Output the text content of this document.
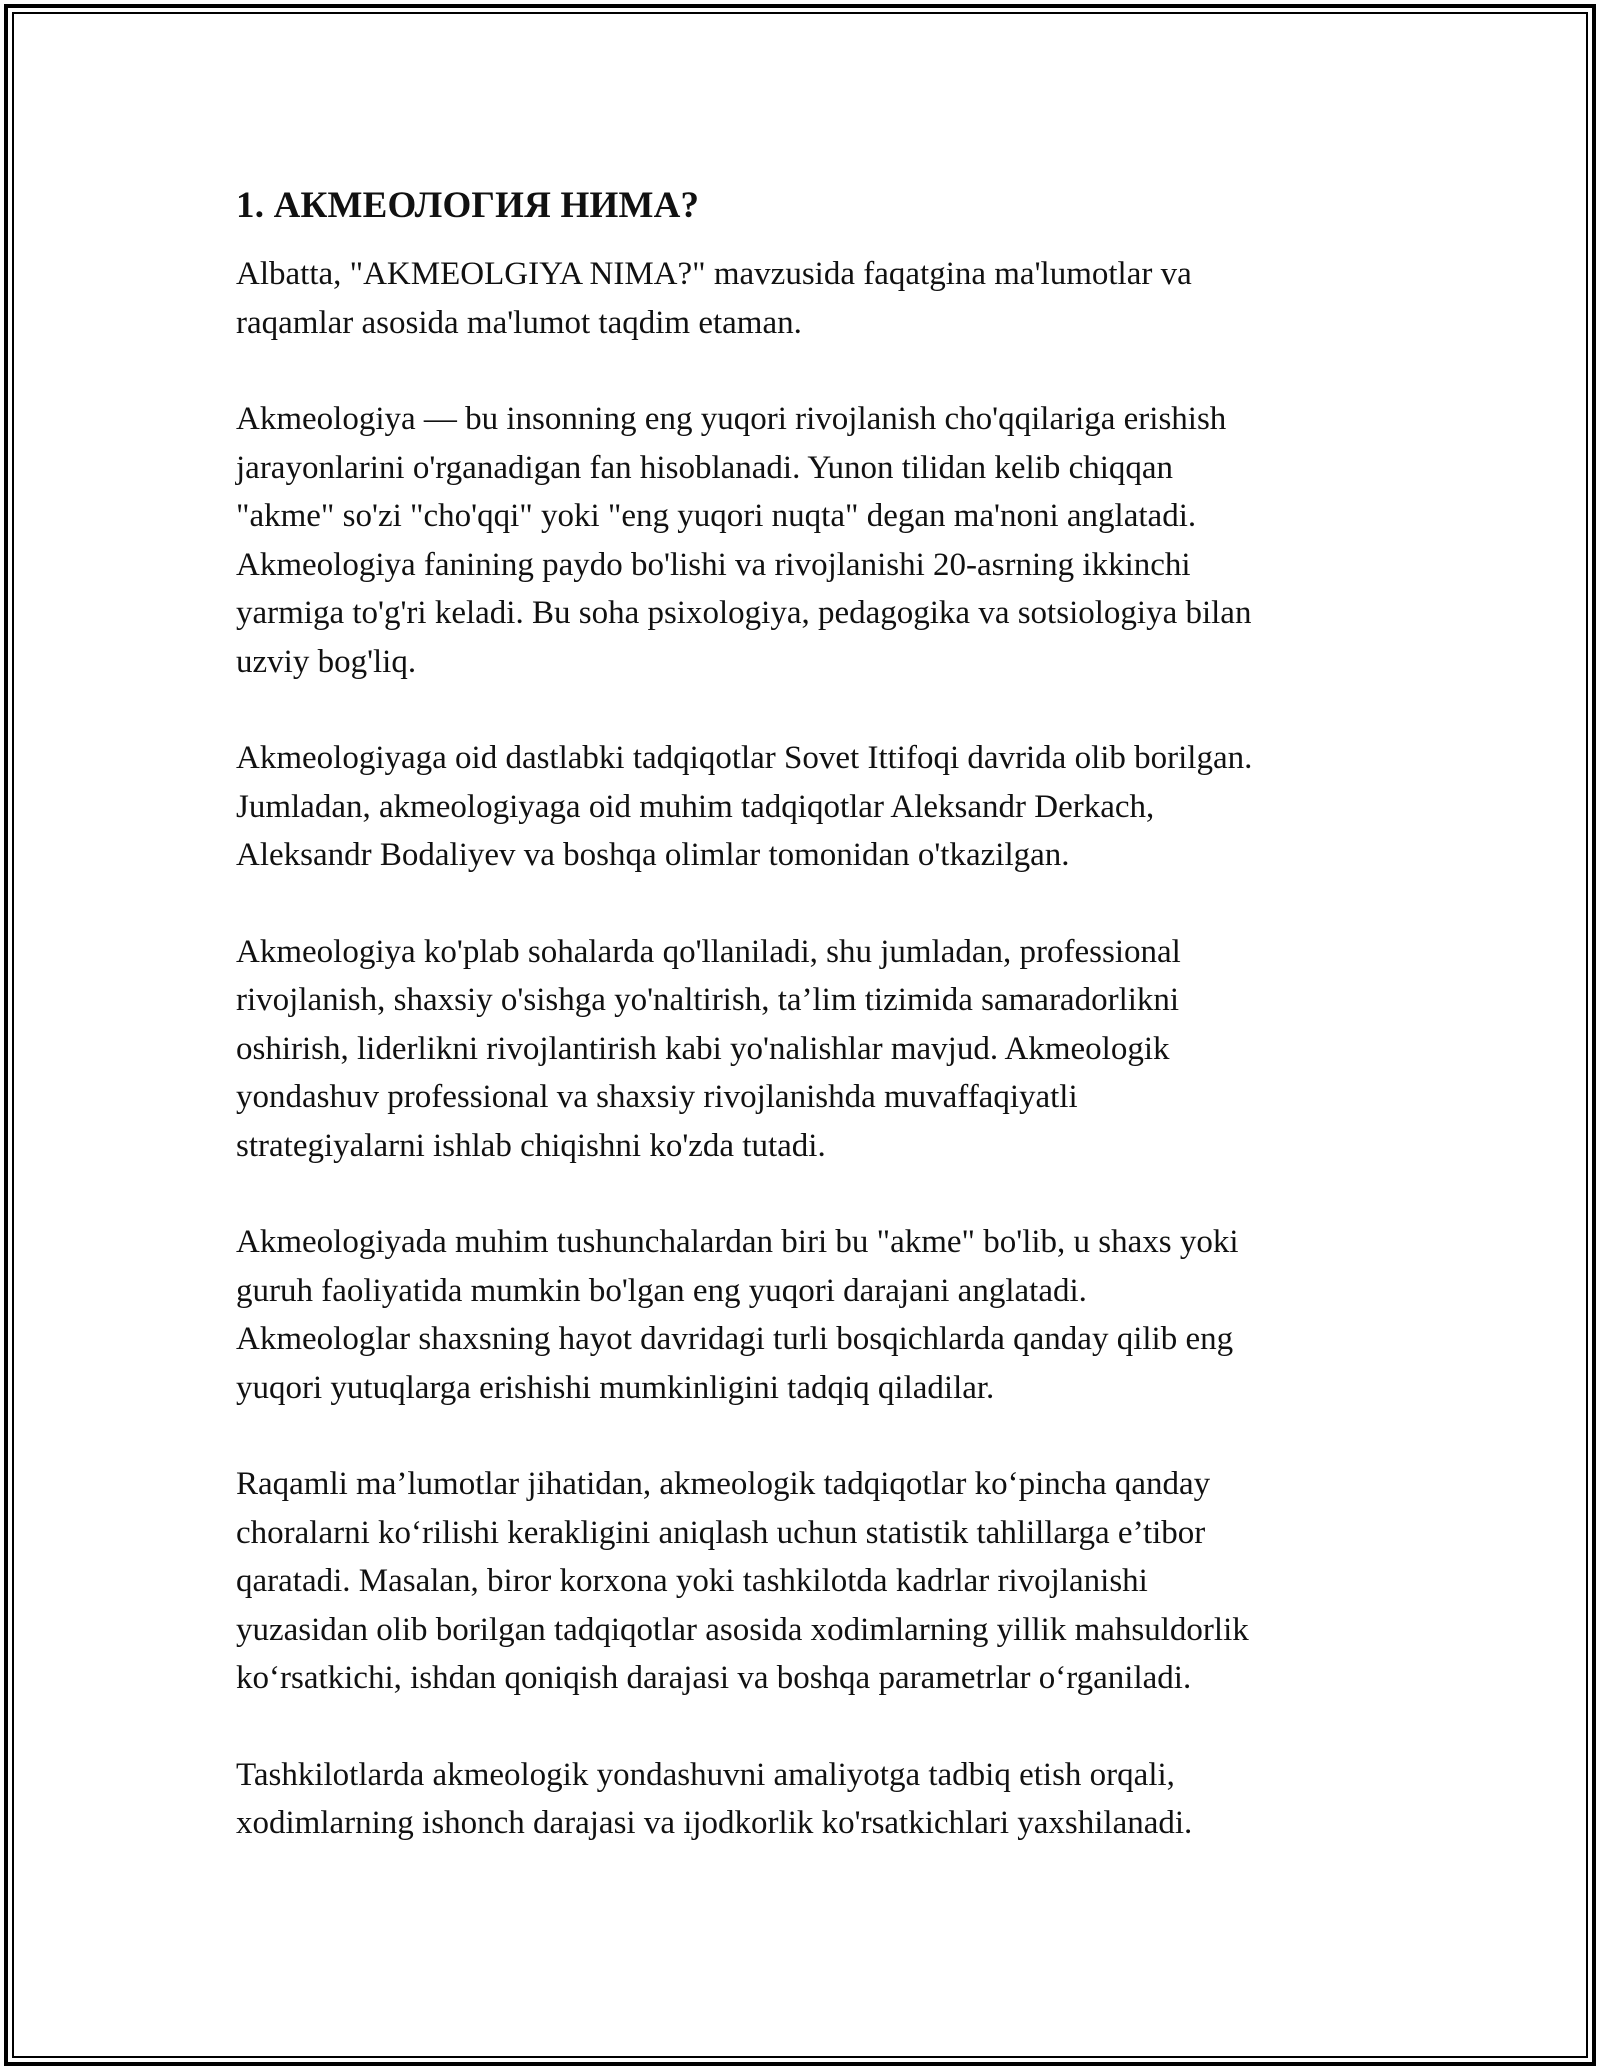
1. АКМЕОЛОГИЯ НИМА?

Albatta, "AKMEOLGIYA NIMA?" mavzusida faqatgina ma'lumotlar va
raqamlar asosida ma'lumot taqdim etaman.

Akmeologiya — bu insonning eng yuqori rivojlanish cho'qqilariga erishish
jarayonlarini o'rganadigan fan hisoblanadi. Yunon tilidan kelib chiqqan
"akme" so'zi "cho'qqi" yoki "eng yuqori nuqta" degan ma'noni anglatadi.
Akmeologiya fanining paydo bo'lishi va rivojlanishi 20-asrning ikkinchi
yarmiga to'g'ri keladi. Bu soha psixologiya, pedagogika va sotsiologiya bilan
uzviy bog'liq.

Akmeologiyaga oid dastlabki tadqiqotlar Sovet Ittifoqi davrida olib borilgan.
Jumladan, akmeologiyaga oid muhim tadqiqotlar Aleksandr Derkach,
Aleksandr Bodaliyev va boshqa olimlar tomonidan o'tkazilgan.

Akmeologiya ko'plab sohalarda qo'llaniladi, shu jumladan, professional
rivojlanish, shaxsiy o'sishga yo'naltirish, ta’lim tizimida samaradorlikni
oshirish, liderlikni rivojlantirish kabi yo'nalishlar mavjud. Akmeologik
yondashuv professional va shaxsiy rivojlanishda muvaffaqiyatli
strategiyalarni ishlab chiqishni ko'zda tutadi.

Akmeologiyada muhim tushunchalardan biri bu "akme" bo'lib, u shaxs yoki
guruh faoliyatida mumkin bo'lgan eng yuqori darajani anglatadi.
Akmeologlar shaxsning hayot davridagi turli bosqichlarda qanday qilib eng
yuqori yutuqlarga erishishi mumkinligini tadqiq qiladilar.

Raqamli ma’lumotlar jihatidan, akmeologik tadqiqotlar koʻpincha qanday
choralarni koʻrilishi kerakligini aniqlash uchun statistik tahlillarga e’tibor
qaratadi. Masalan, biror korxona yoki tashkilotda kadrlar rivojlanishi
yuzasidan olib borilgan tadqiqotlar asosida xodimlarning yillik mahsuldorlik
koʻrsatkichi, ishdan qoniqish darajasi va boshqa parametrlar oʻrganiladi.

Tashkilotlarda akmeologik yondashuvni amaliyotga tadbiq etish orqali,
xodimlarning ishonch darajasi va ijodkorlik ko'rsatkichlari yaxshilanadi.
